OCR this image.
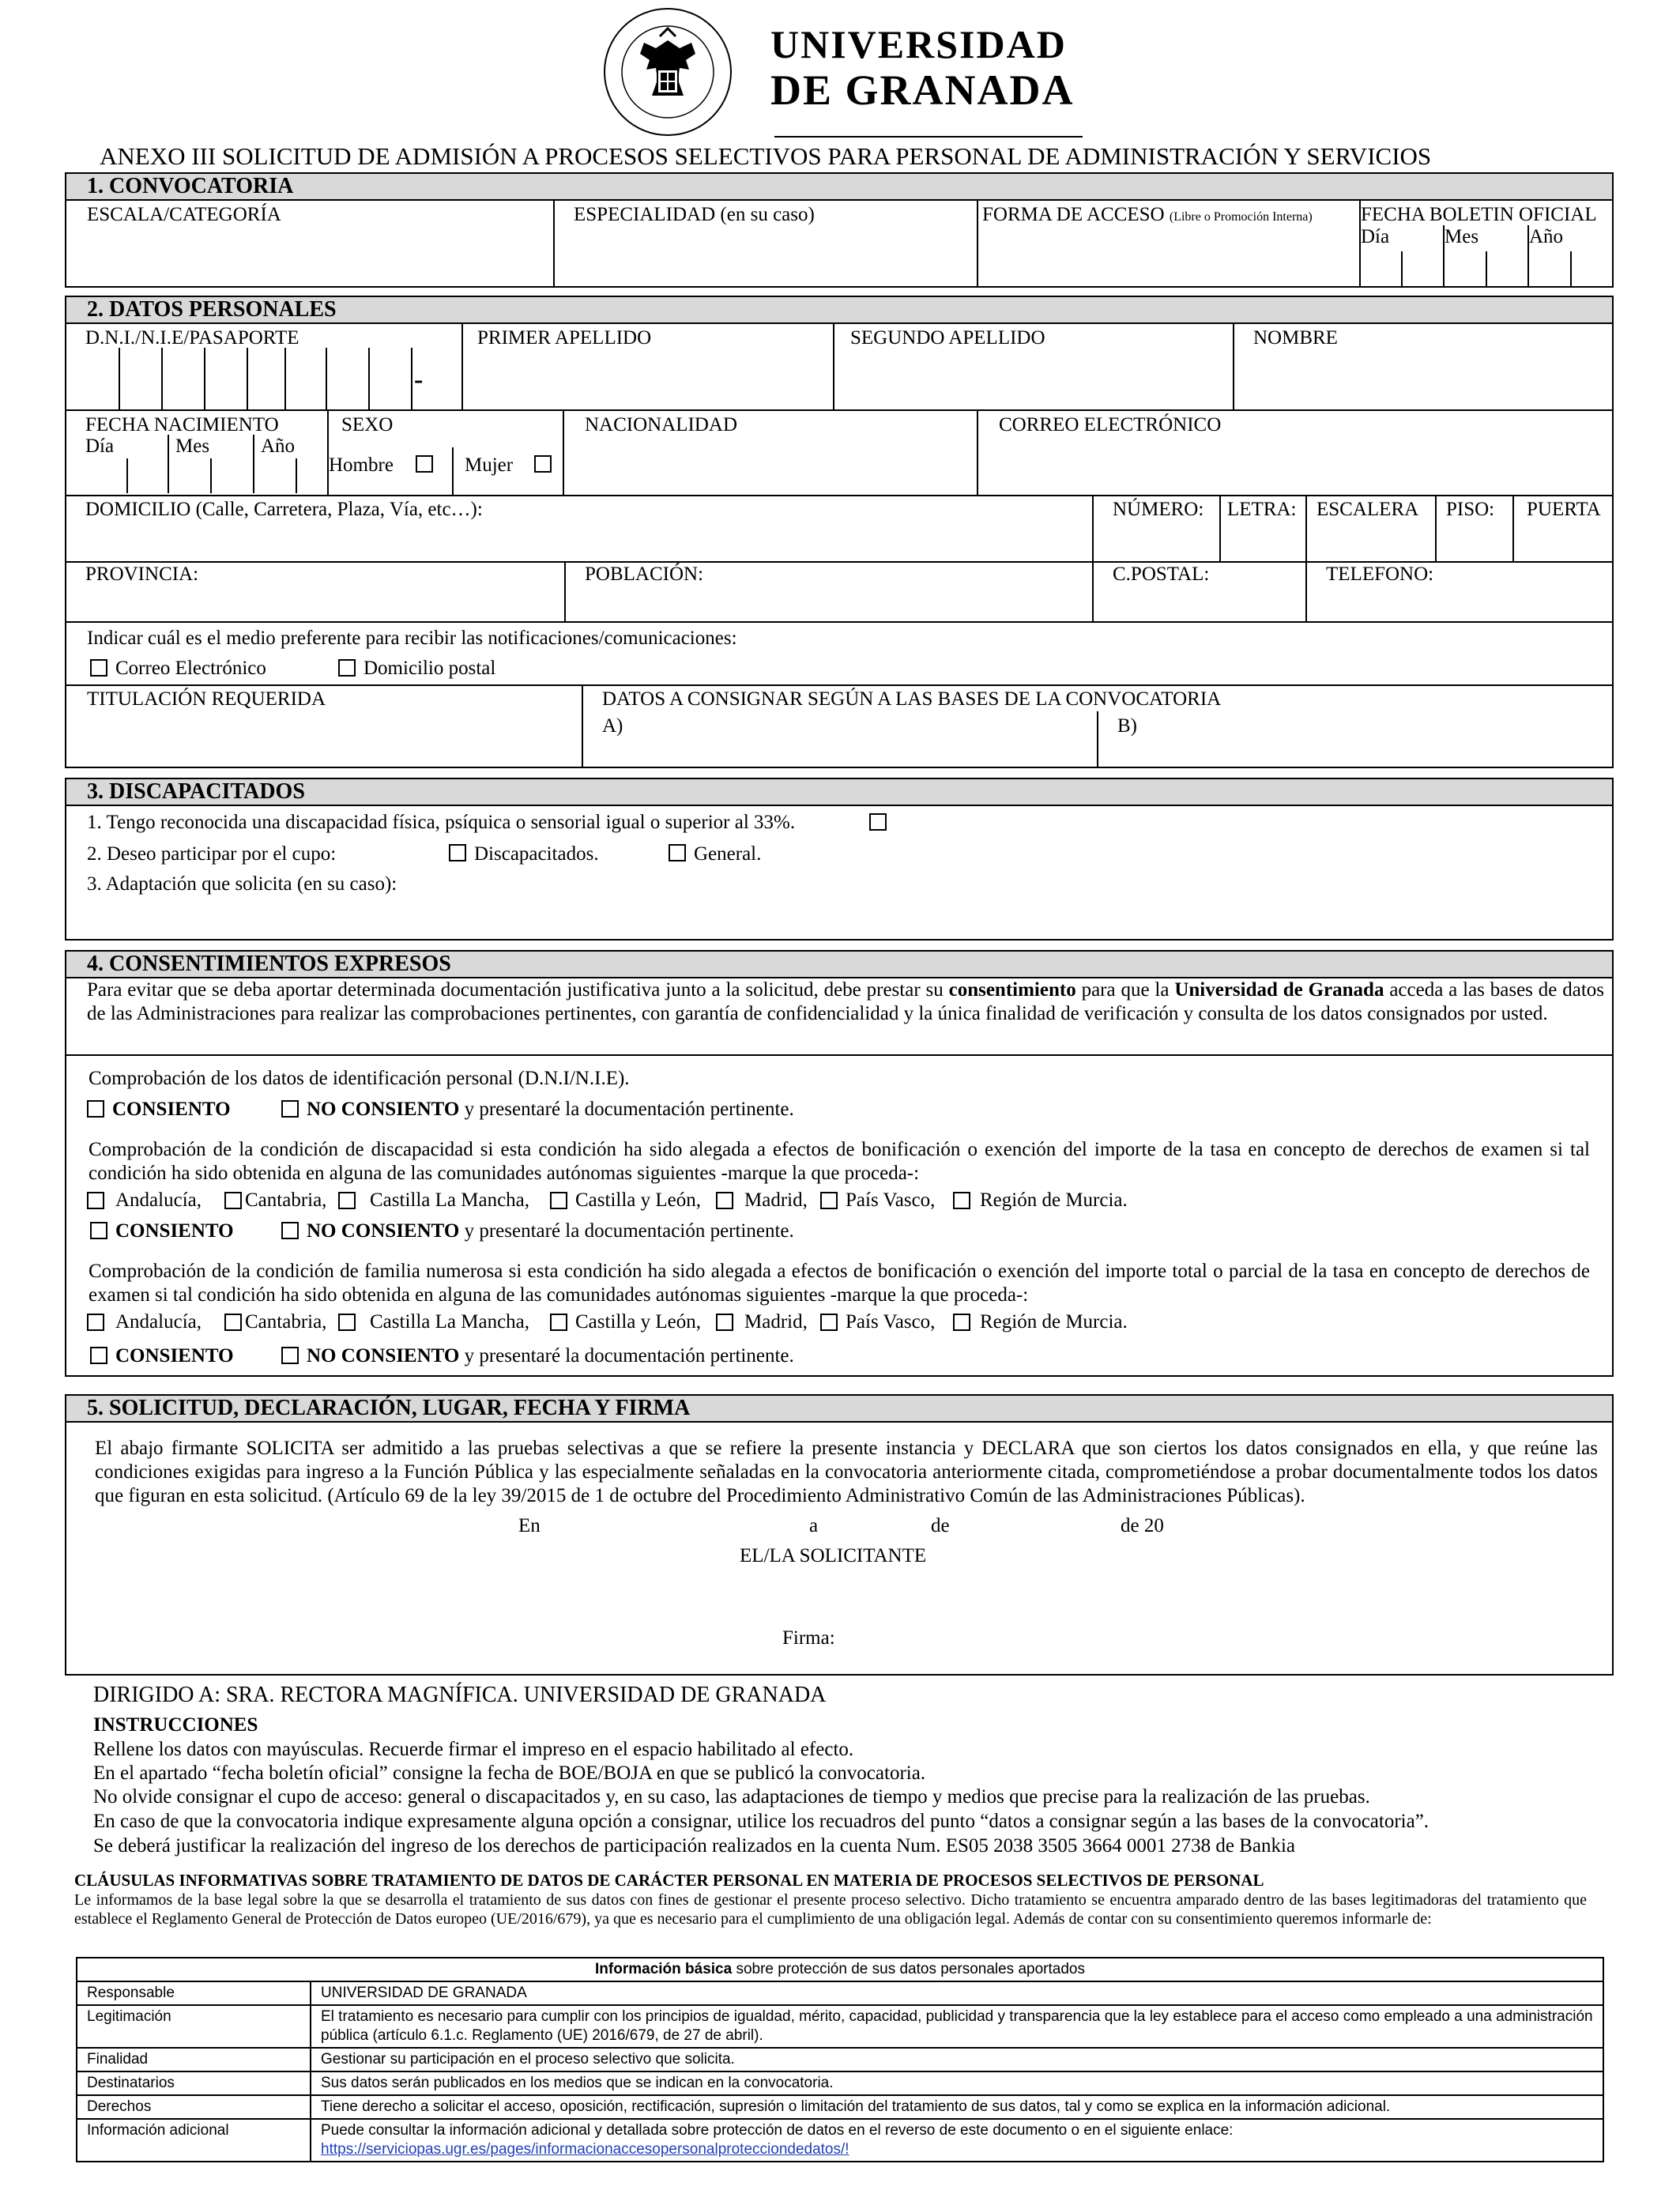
UNIVERSIDAD
DE GRANADA
ANEXO III SOLICITUD DE ADMISIÓN A PROCESOS SELECTIVOS PARA PERSONAL DE ADMINISTRACIÓN Y SERVICIOS
1. CONVOCATORIA
ESCALA/CATEGORÍA	ESPECIALIDAD (en su caso)	FORMA DE ACCESO (Libre o Promoción Interna) FECHA BOLETIN OFICIAL
Día	Mes	Año
2. DATOS PERSONALES
D.N.I./N.I.E/PASAPORTE
-
PRIMER APELLIDO	SEGUNDO APELLIDO	NOMBRE
FECHA NACIMIENTO
Día	Mes	Año
SEXO
Hombre	Mujer
NACIONALIDAD	CORREO ELECTRÓNICO
DOMICILIO (Calle, Carretera, Plaza, Vía, etc…):	NÚMERO: LETRA: ESCALERA PISO: PUERTA
PROVINCIA:	POBLACIÓN:	C.POSTAL:	TELEFONO:
Indicar cuál es el medio preferente para recibir las notificaciones/comunicaciones:
Correo Electrónico	Domicilio postal
TITULACIÓN REQUERIDA	DATOS A CONSIGNAR SEGÚN A LAS BASES DE LA CONVOCATORIA
A)	B)
3. DISCAPACITADOS
1. Tengo reconocida una discapacidad física, psíquica o sensorial igual o superior al 33%.
2. Deseo participar por el cupo:	Discapacitados.	General.
3. Adaptación que solicita (en su caso):
4. CONSENTIMIENTOS EXPRESOS
Para evitar que se deba aportar determinada documentación justificativa junto a la solicitud, debe prestar su consentimiento para que la Universidad de Granada acceda a las bases de datos de las Administraciones para realizar las comprobaciones pertinentes, con garantía de confidencialidad y la única finalidad de verificación y consulta de los datos consignados por usted.
Comprobación de los datos de identificación personal (D.N.I/N.I.E).
CONSIENTO	NO CONSIENTO y presentaré la documentación pertinente.
Comprobación de la condición de discapacidad si esta condición ha sido alegada a efectos de bonificación o exención del importe de la tasa en concepto de derechos de examen si tal condición ha sido obtenida en alguna de las comunidades autónomas siguientes -marque la que proceda-:
Andalucía, Cantabria, Castilla La Mancha, Castilla y León, Madrid, País Vasco, Región de Murcia.
CONSIENTO	NO CONSIENTO y presentaré la documentación pertinente.
Comprobación de la condición de familia numerosa si esta condición ha sido alegada a efectos de bonificación o exención del importe total o parcial de la tasa en concepto de derechos de examen si tal condición ha sido obtenida en alguna de las comunidades autónomas siguientes -marque la que proceda-:
Andalucía, Cantabria, Castilla La Mancha, Castilla y León, Madrid, País Vasco, Región de Murcia.
CONSIENTO	NO CONSIENTO y presentaré la documentación pertinente.
5. SOLICITUD, DECLARACIÓN, LUGAR, FECHA Y FIRMA
El abajo firmante SOLICITA ser admitido a las pruebas selectivas a que se refiere la presente instancia y DECLARA que son ciertos los datos consignados en ella, y que reúne las condiciones exigidas para ingreso a la Función Pública y las especialmente señaladas en la convocatoria anteriormente citada, comprometiéndose a probar documentalmente todos los datos que figuran en esta solicitud. (Artículo 69 de la ley 39/2015 de 1 de octubre del Procedimiento Administrativo Común de las Administraciones Públicas).
En	a	de	de 20
EL/LA SOLICITANTE
Firma:
DIRIGIDO A: SRA. RECTORA MAGNÍFICA. UNIVERSIDAD DE GRANADA
INSTRUCCIONES
Rellene los datos con mayúsculas. Recuerde firmar el impreso en el espacio habilitado al efecto.
En el apartado “fecha boletín oficial” consigne la fecha de BOE/BOJA en que se publicó la convocatoria.
No olvide consignar el cupo de acceso: general o discapacitados y, en su caso, las adaptaciones de tiempo y medios que precise para la realización de las pruebas.
En caso de que la convocatoria indique expresamente alguna opción a consignar, utilice los recuadros del punto “datos a consignar según a las bases de la convocatoria”.
Se deberá justificar la realización del ingreso de los derechos de participación realizados en la cuenta Num. ES05 2038 3505 3664 0001 2738 de Bankia
CLÁUSULAS INFORMATIVAS SOBRE TRATAMIENTO DE DATOS DE CARÁCTER PERSONAL EN MATERIA DE PROCESOS SELECTIVOS DE PERSONAL
Le informamos de la base legal sobre la que se desarrolla el tratamiento de sus datos con fines de gestionar el presente proceso selectivo. Dicho tratamiento se encuentra amparado dentro de las bases legitimadoras del tratamiento que establece el Reglamento General de Protección de Datos europeo (UE/2016/679), ya que es necesario para el cumplimiento de una obligación legal. Además de contar con su consentimiento queremos informarle de:
Información básica sobre protección de sus datos personales aportados	
Responsable	UNIVERSIDAD DE GRANADA
Legitimación	El tratamiento es necesario para cumplir con los principios de igualdad, mérito, capacidad, publicidad y transparencia que la ley establece para el acceso como empleado a una administración pública (artículo 6.1.c. Reglamento (UE) 2016/679, de 27 de abril).
Finalidad	Gestionar su participación en el proceso selectivo que solicita.
Destinatarios	Sus datos serán publicados en los medios que se indican en la convocatoria.
Derechos	Tiene derecho a solicitar el acceso, oposición, rectificación, supresión o limitación del tratamiento de sus datos, tal y como se explica en la información adicional.
Información adicional	Puede consultar la información adicional y detallada sobre protección de datos en el reverso de este documento o en el siguiente enlace:
https://serviciopas.ugr.es/pages/informacionaccesopersonalprotecciondedatos/!
